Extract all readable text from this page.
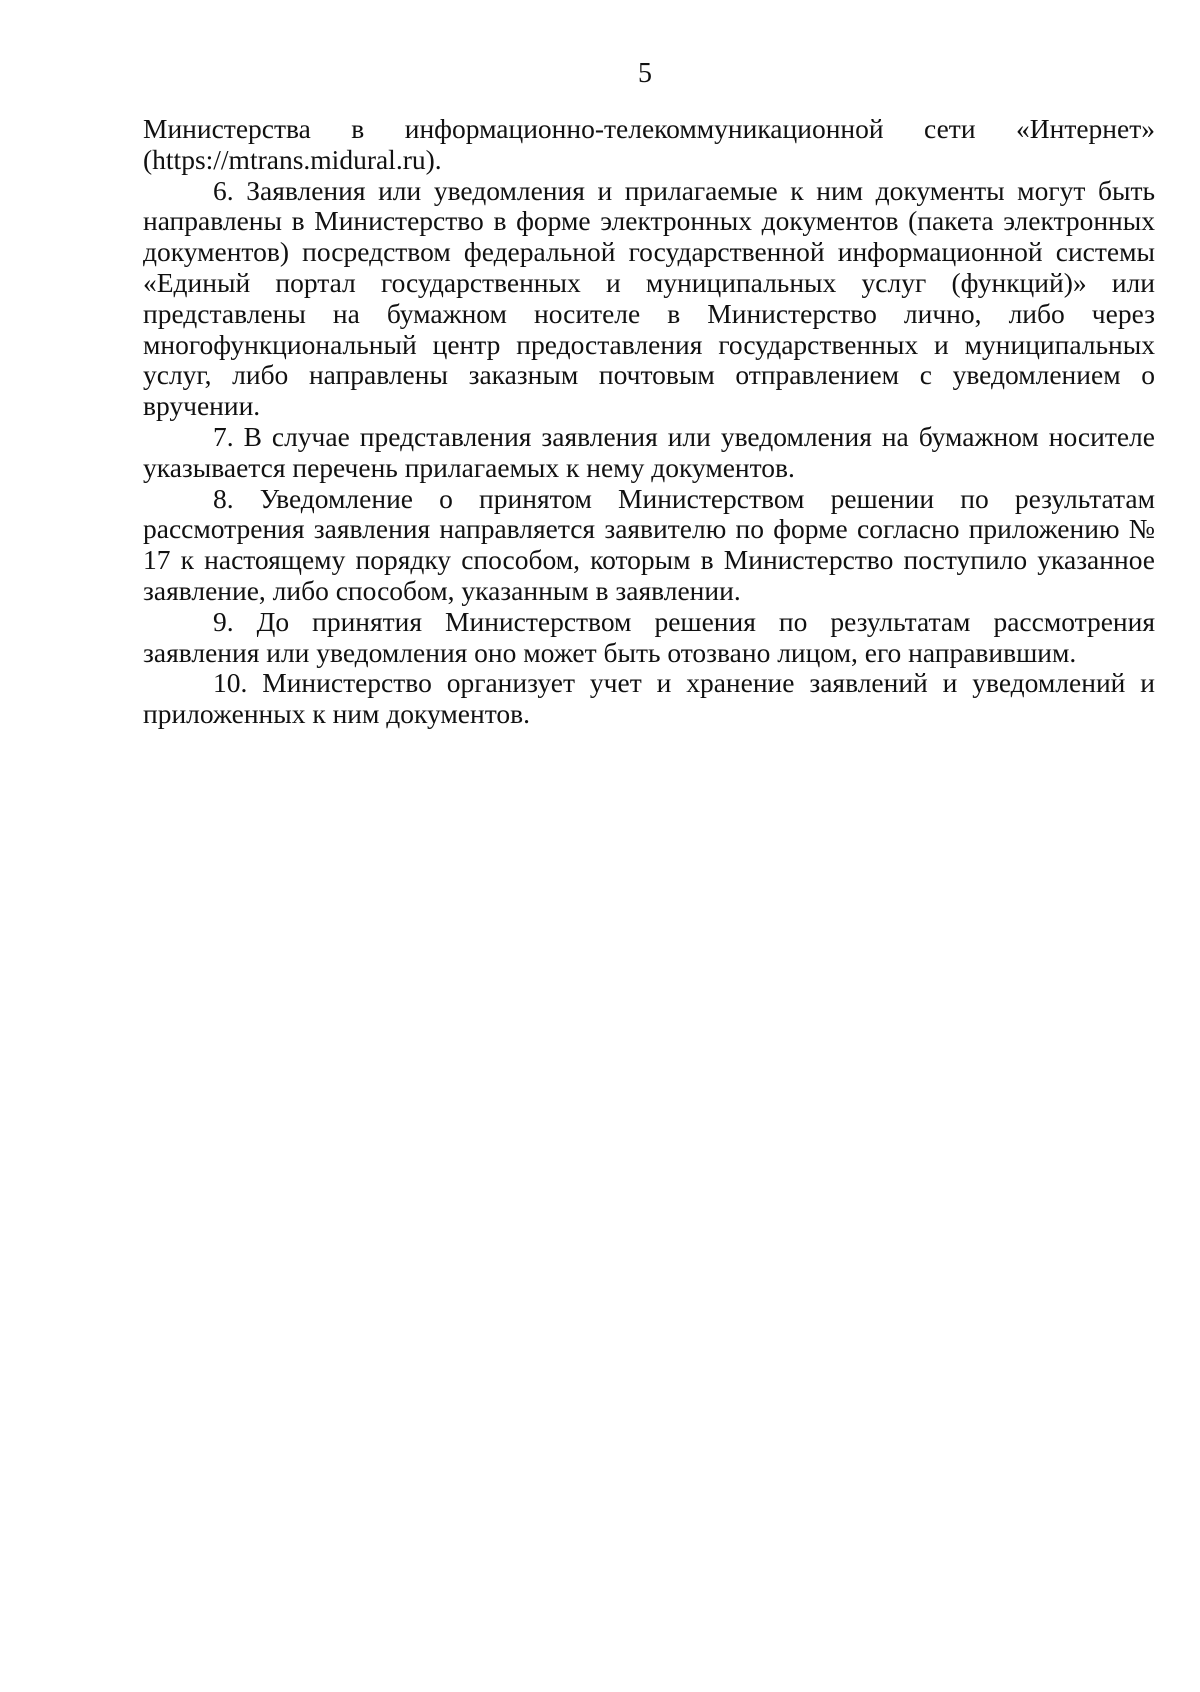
5

Министерства в информационно-телекоммуникационной сети «Интернет» (https://mtrans.midural.ru).

6. Заявления или уведомления и прилагаемые к ним документы могут быть направлены в Министерство в форме электронных документов (пакета электронных документов) посредством федеральной государственной информационной системы «Единый портал государственных и муниципальных услуг (функций)» или представлены на бумажном носителе в Министерство лично, либо через многофункциональный центр предоставления государственных и муниципальных услуг, либо направлены заказным почтовым отправлением с уведомлением о вручении.

7. В случае представления заявления или уведомления на бумажном носителе указывается перечень прилагаемых к нему документов.

8. Уведомление о принятом Министерством решении по результатам рассмотрения заявления направляется заявителю по форме согласно приложению № 17 к настоящему порядку способом, которым в Министерство поступило указанное заявление, либо способом, указанным в заявлении.

9. До принятия Министерством решения по результатам рассмотрения заявления или уведомления оно может быть отозвано лицом, его направившим.

10. Министерство организует учет и хранение заявлений и уведомлений и приложенных к ним документов.
